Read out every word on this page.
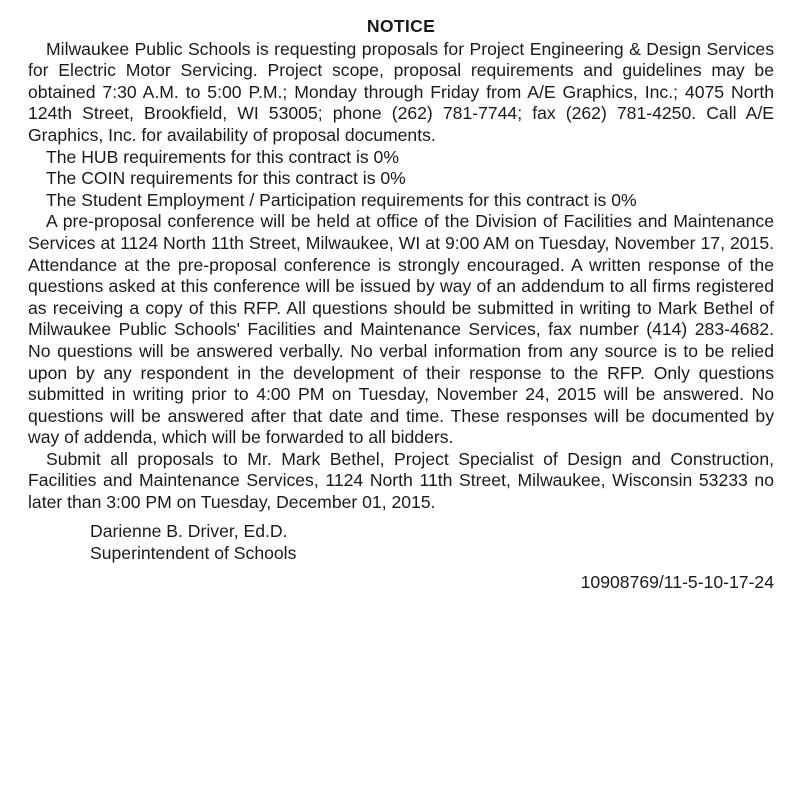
NOTICE

Milwaukee Public Schools is requesting proposals for Project Engineering & Design Services for Electric Motor Servicing. Project scope, proposal requirements and guidelines may be obtained 7:30 A.M. to 5:00 P.M.; Monday through Friday from A/E Graphics, Inc.; 4075 North 124th Street, Brookfield, WI 53005; phone (262) 781-7744; fax (262) 781-4250. Call A/E Graphics, Inc. for availability of proposal documents.

The HUB requirements for this contract is 0%

The COIN requirements for this contract is 0%

The Student Employment / Participation requirements for this contract is 0%

A pre-proposal conference will be held at office of the Division of Facilities and Maintenance Services at 1124 North 11th Street, Milwaukee, WI at 9:00 AM on Tuesday, November 17, 2015. Attendance at the pre-proposal conference is strongly encouraged. A written response of the questions asked at this conference will be issued by way of an addendum to all firms registered as receiving a copy of this RFP. All questions should be submitted in writing to Mark Bethel of Milwaukee Public Schools' Facilities and Maintenance Services, fax number (414) 283-4682. No questions will be answered verbally. No verbal information from any source is to be relied upon by any respondent in the development of their response to the RFP. Only questions submitted in writing prior to 4:00 PM on Tuesday, November 24, 2015 will be answered. No questions will be answered after that date and time. These responses will be documented by way of addenda, which will be forwarded to all bidders.

Submit all proposals to Mr. Mark Bethel, Project Specialist of Design and Construction, Facilities and Maintenance Services, 1124 North 11th Street, Milwaukee, Wisconsin 53233 no later than 3:00 PM on Tuesday, December 01, 2015.

Darienne B. Driver, Ed.D.

Superintendent of Schools

10908769/11-5-10-17-24
